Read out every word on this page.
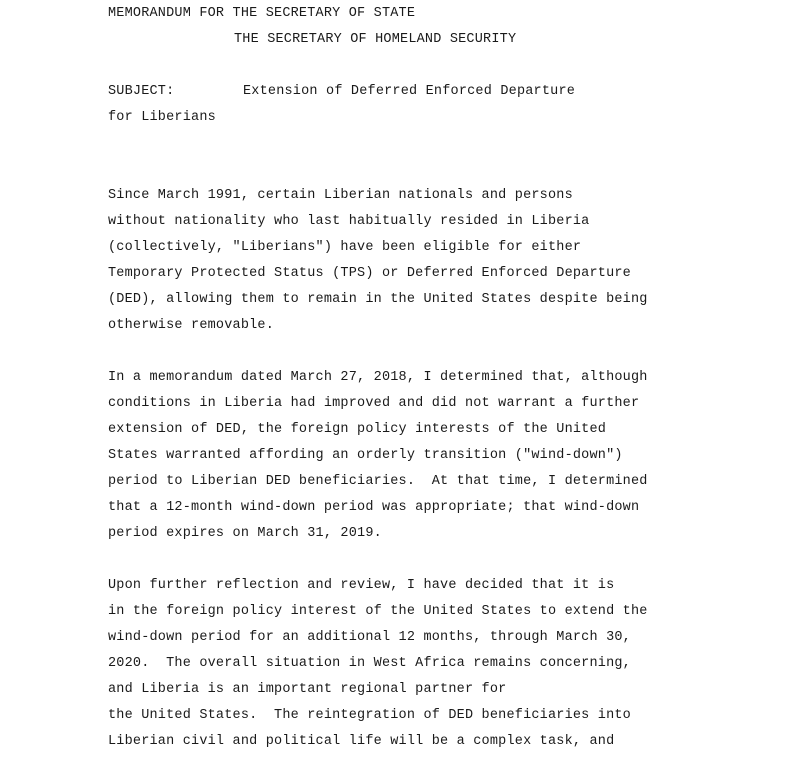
MEMORANDUM FOR THE SECRETARY OF STATE
THE SECRETARY OF HOMELAND SECURITY
SUBJECT:	Extension of Deferred Enforced Departure
for Liberians
Since March 1991, certain Liberian nationals and persons
without nationality who last habitually resided in Liberia
(collectively, "Liberians") have been eligible for either
Temporary Protected Status (TPS) or Deferred Enforced Departure
(DED), allowing them to remain in the United States despite being
otherwise removable.
In a memorandum dated March 27, 2018, I determined that, although
conditions in Liberia had improved and did not warrant a further
extension of DED, the foreign policy interests of the United
States warranted affording an orderly transition ("wind-down")
period to Liberian DED beneficiaries.  At that time, I determined
that a 12-month wind-down period was appropriate; that wind-down
period expires on March 31, 2019.
Upon further reflection and review, I have decided that it is
in the foreign policy interest of the United States to extend the
wind-down period for an additional 12 months, through March 30,
2020.  The overall situation in West Africa remains concerning,
and Liberia is an important regional partner for
the United States.  The reintegration of DED beneficiaries into
Liberian civil and political life will be a complex task, and
